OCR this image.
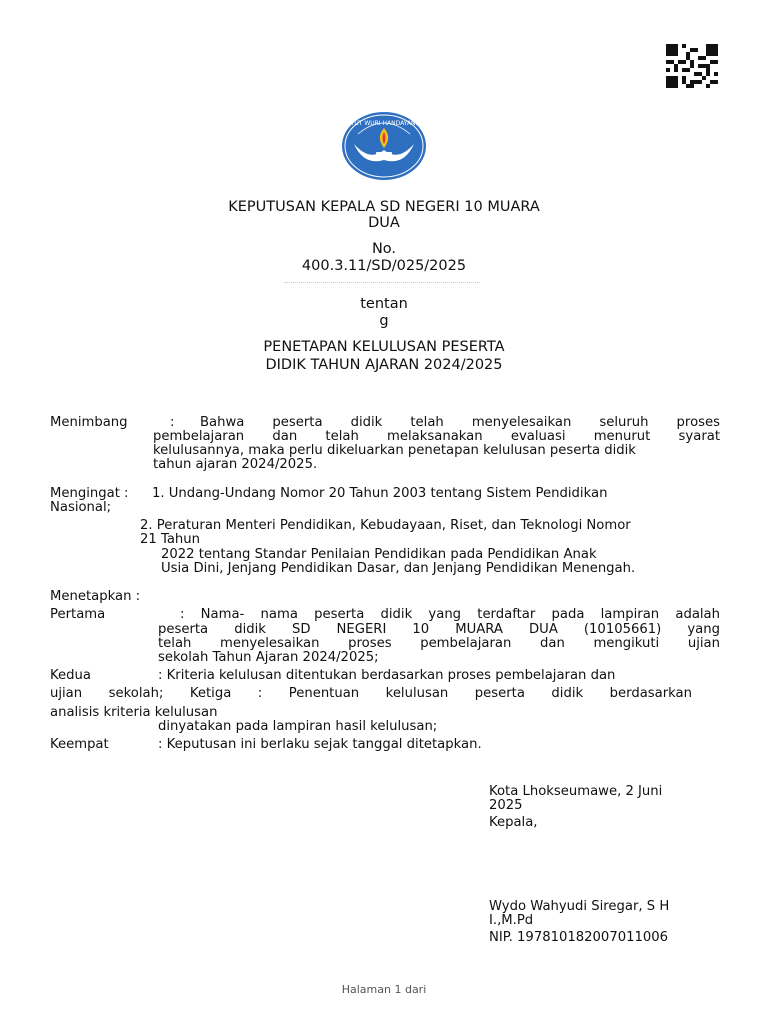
TUT WURI HANDAYANI
KEPUTUSAN KEPALA SD NEGERI 10 MUARA
DUA
No.
400.3.11/SD/025/2025
tentan
g
PENETAPAN KELULUSAN PESERTA
DIDIK TAHUN AJARAN 2024/2025
Menimbang	: Bahwa peserta didik telah menyelesaikan seluruh proses
pembelajaran dan telah melaksanakan evaluasi menurut syarat
kelulusannya, maka perlu dikeluarkan penetapan kelulusan peserta didik
tahun ajaran 2024/2025.
Mengingat : 1. Undang-Undang Nomor 20 Tahun 2003 tentang Sistem Pendidikan
Nasional;
2. Peraturan Menteri Pendidikan, Kebudayaan, Riset, dan Teknologi Nomor
21 Tahun
2022 tentang Standar Penilaian Pendidikan pada Pendidikan Anak
Usia Dini, Jenjang Pendidikan Dasar, dan Jenjang Pendidikan Menengah.
Menetapkan :
Pertama	: Nama- nama peserta didik yang terdaftar pada lampiran adalah
peserta didik SD NEGERI 10 MUARA DUA (10105661) yang
telah menyelesaikan proses pembelajaran dan mengikuti ujian
sekolah Tahun Ajaran 2024/2025;
Kedua	: Kriteria kelulusan ditentukan berdasarkan proses pembelajaran dan
ujian sekolah; Ketiga : Penentuan kelulusan peserta didik berdasarkan
analisis kriteria kelulusan
dinyatakan pada lampiran hasil kelulusan;
Keempat	: Keputusan ini berlaku sejak tanggal ditetapkan.
Kota Lhokseumawe, 2 Juni
2025
Kepala,
Wydo Wahyudi Siregar, S H
I.,M.Pd
NIP. 197810182007011006
Halaman 1 dari
